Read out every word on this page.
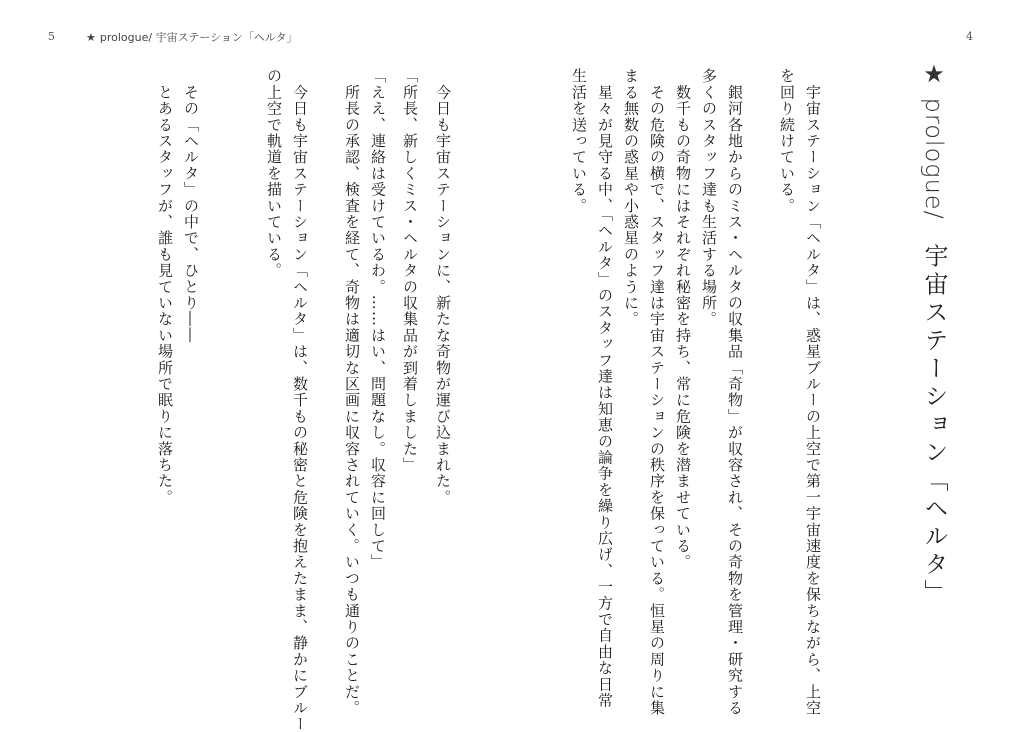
5	★ prologue/ 宇宙ステーション「ヘルタ」	4
★ prologue/ 宇宙ステーション「ヘルタ」
　宇宙ステーション「ヘルタ」は、惑星ブルーの上空で第一宇宙速度を保ちながら、上空
を回り続けている。
　銀河各地からのミス・ヘルタの収集品「奇物」が収容され、その奇物を管理・研究する
多くのスタッフ達も生活する場所。
　数千もの奇物にはそれぞれ秘密を持ち、常に危険を潜ませている。
　その危険の横で、スタッフ達は宇宙ステーションの秩序を保っている。恒星の周りに集
まる無数の惑星や小惑星のように。
　星々が見守る中、「ヘルタ」のスタッフ達は知恵の論争を繰り広げ、一方で自由な日常
生活を送っている。
　今日も宇宙ステーションに、新たな奇物が運び込まれた。
「所長、新しくミス・ヘルタの収集品が到着しました」
「ええ、連絡は受けているわ。……はい、問題なし。収容に回して」
　所長の承認、検査を経て、奇物は適切な区画に収容されていく。いつも通りのことだ。
　今日も宇宙ステーション「ヘルタ」は、数千もの秘密と危険を抱えたまま、静かにブルー
の上空で軌道を描いている。
　その「ヘルタ」の中で、ひとり――
　とあるスタッフが、誰も見ていない場所で眠りに落ちた。
